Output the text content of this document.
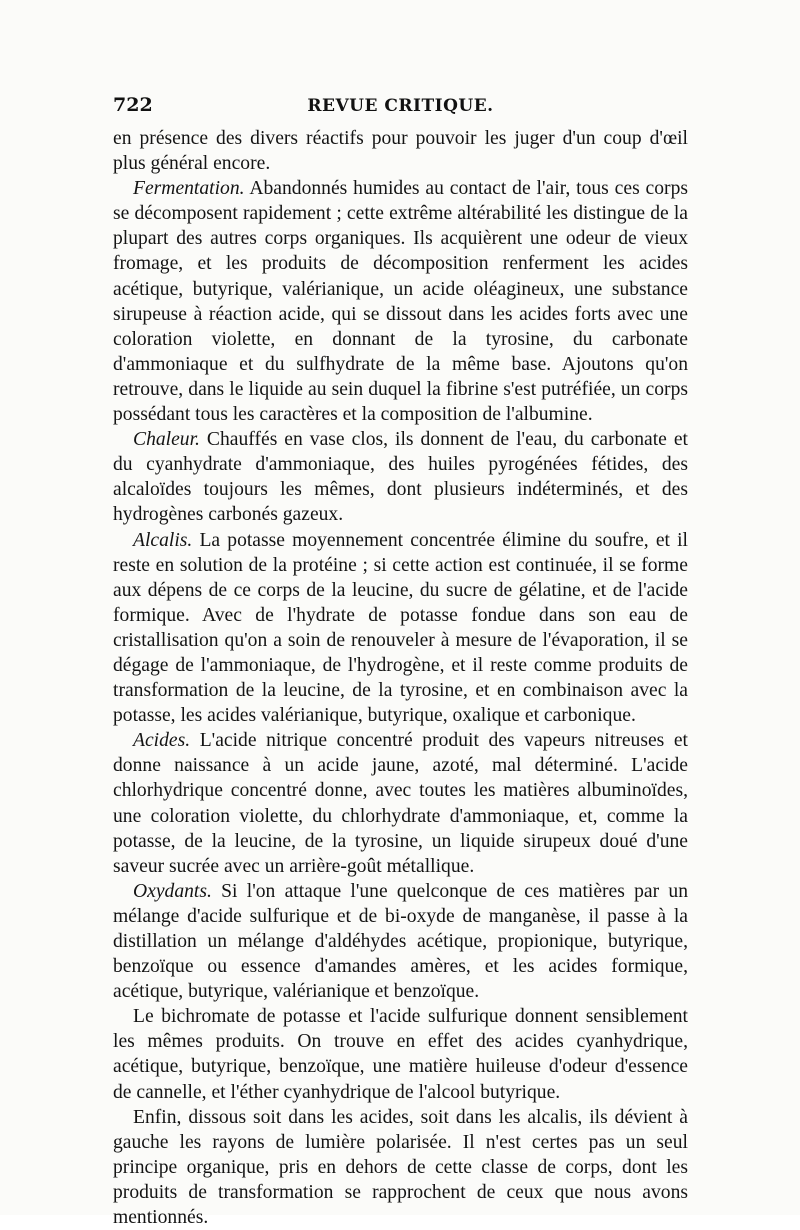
722	REVUE CRITIQUE.

en présence des divers réactifs pour pouvoir les juger d'un coup d'œil plus général encore.

Fermentation. Abandonnés humides au contact de l'air, tous ces corps se décomposent rapidement ; cette extrême altérabilité les distingue de la plupart des autres corps organiques. Ils acquièrent une odeur de vieux fromage, et les produits de décomposition renferment les acides acétique, butyrique, valérianique, un acide oléagineux, une substance sirupeuse à réaction acide, qui se dissout dans les acides forts avec une coloration violette, en donnant de la tyrosine, du carbonate d'ammoniaque et du sulfhydrate de la même base. Ajoutons qu'on retrouve, dans le liquide au sein duquel la fibrine s'est putréfiée, un corps possédant tous les caractères et la composition de l'albumine.

Chaleur. Chauffés en vase clos, ils donnent de l'eau, du carbonate et du cyanhydrate d'ammoniaque, des huiles pyrogénées fétides, des alcaloïdes toujours les mêmes, dont plusieurs indéterminés, et des hydrogènes carbonés gazeux.

Alcalis. La potasse moyennement concentrée élimine du soufre, et il reste en solution de la protéine ; si cette action est continuée, il se forme aux dépens de ce corps de la leucine, du sucre de gélatine, et de l'acide formique. Avec de l'hydrate de potasse fondue dans son eau de cristallisation qu'on a soin de renouveler à mesure de l'évaporation, il se dégage de l'ammoniaque, de l'hydrogène, et il reste comme produits de transformation de la leucine, de la tyrosine, et en combinaison avec la potasse, les acides valérianique, butyrique, oxalique et carbonique.

Acides. L'acide nitrique concentré produit des vapeurs nitreuses et donne naissance à un acide jaune, azoté, mal déterminé. L'acide chlorhydrique concentré donne, avec toutes les matières albuminoïdes, une coloration violette, du chlorhydrate d'ammoniaque, et, comme la potasse, de la leucine, de la tyrosine, un liquide sirupeux doué d'une saveur sucrée avec un arrière-goût métallique.

Oxydants. Si l'on attaque l'une quelconque de ces matières par un mélange d'acide sulfurique et de bi-oxyde de manganèse, il passe à la distillation un mélange d'aldéhydes acétique, propionique, butyrique, benzoïque ou essence d'amandes amères, et les acides formique, acétique, butyrique, valérianique et benzoïque.

Le bichromate de potasse et l'acide sulfurique donnent sensiblement les mêmes produits. On trouve en effet des acides cyanhydrique, acétique, butyrique, benzoïque, une matière huileuse d'odeur d'essence de cannelle, et l'éther cyanhydrique de l'alcool butyrique.

Enfin, dissous soit dans les acides, soit dans les alcalis, ils dévient à gauche les rayons de lumière polarisée. Il n'est certes pas un seul principe organique, pris en dehors de cette classe de corps, dont les produits de transformation se rapprochent de ceux que nous avons mentionnés.
